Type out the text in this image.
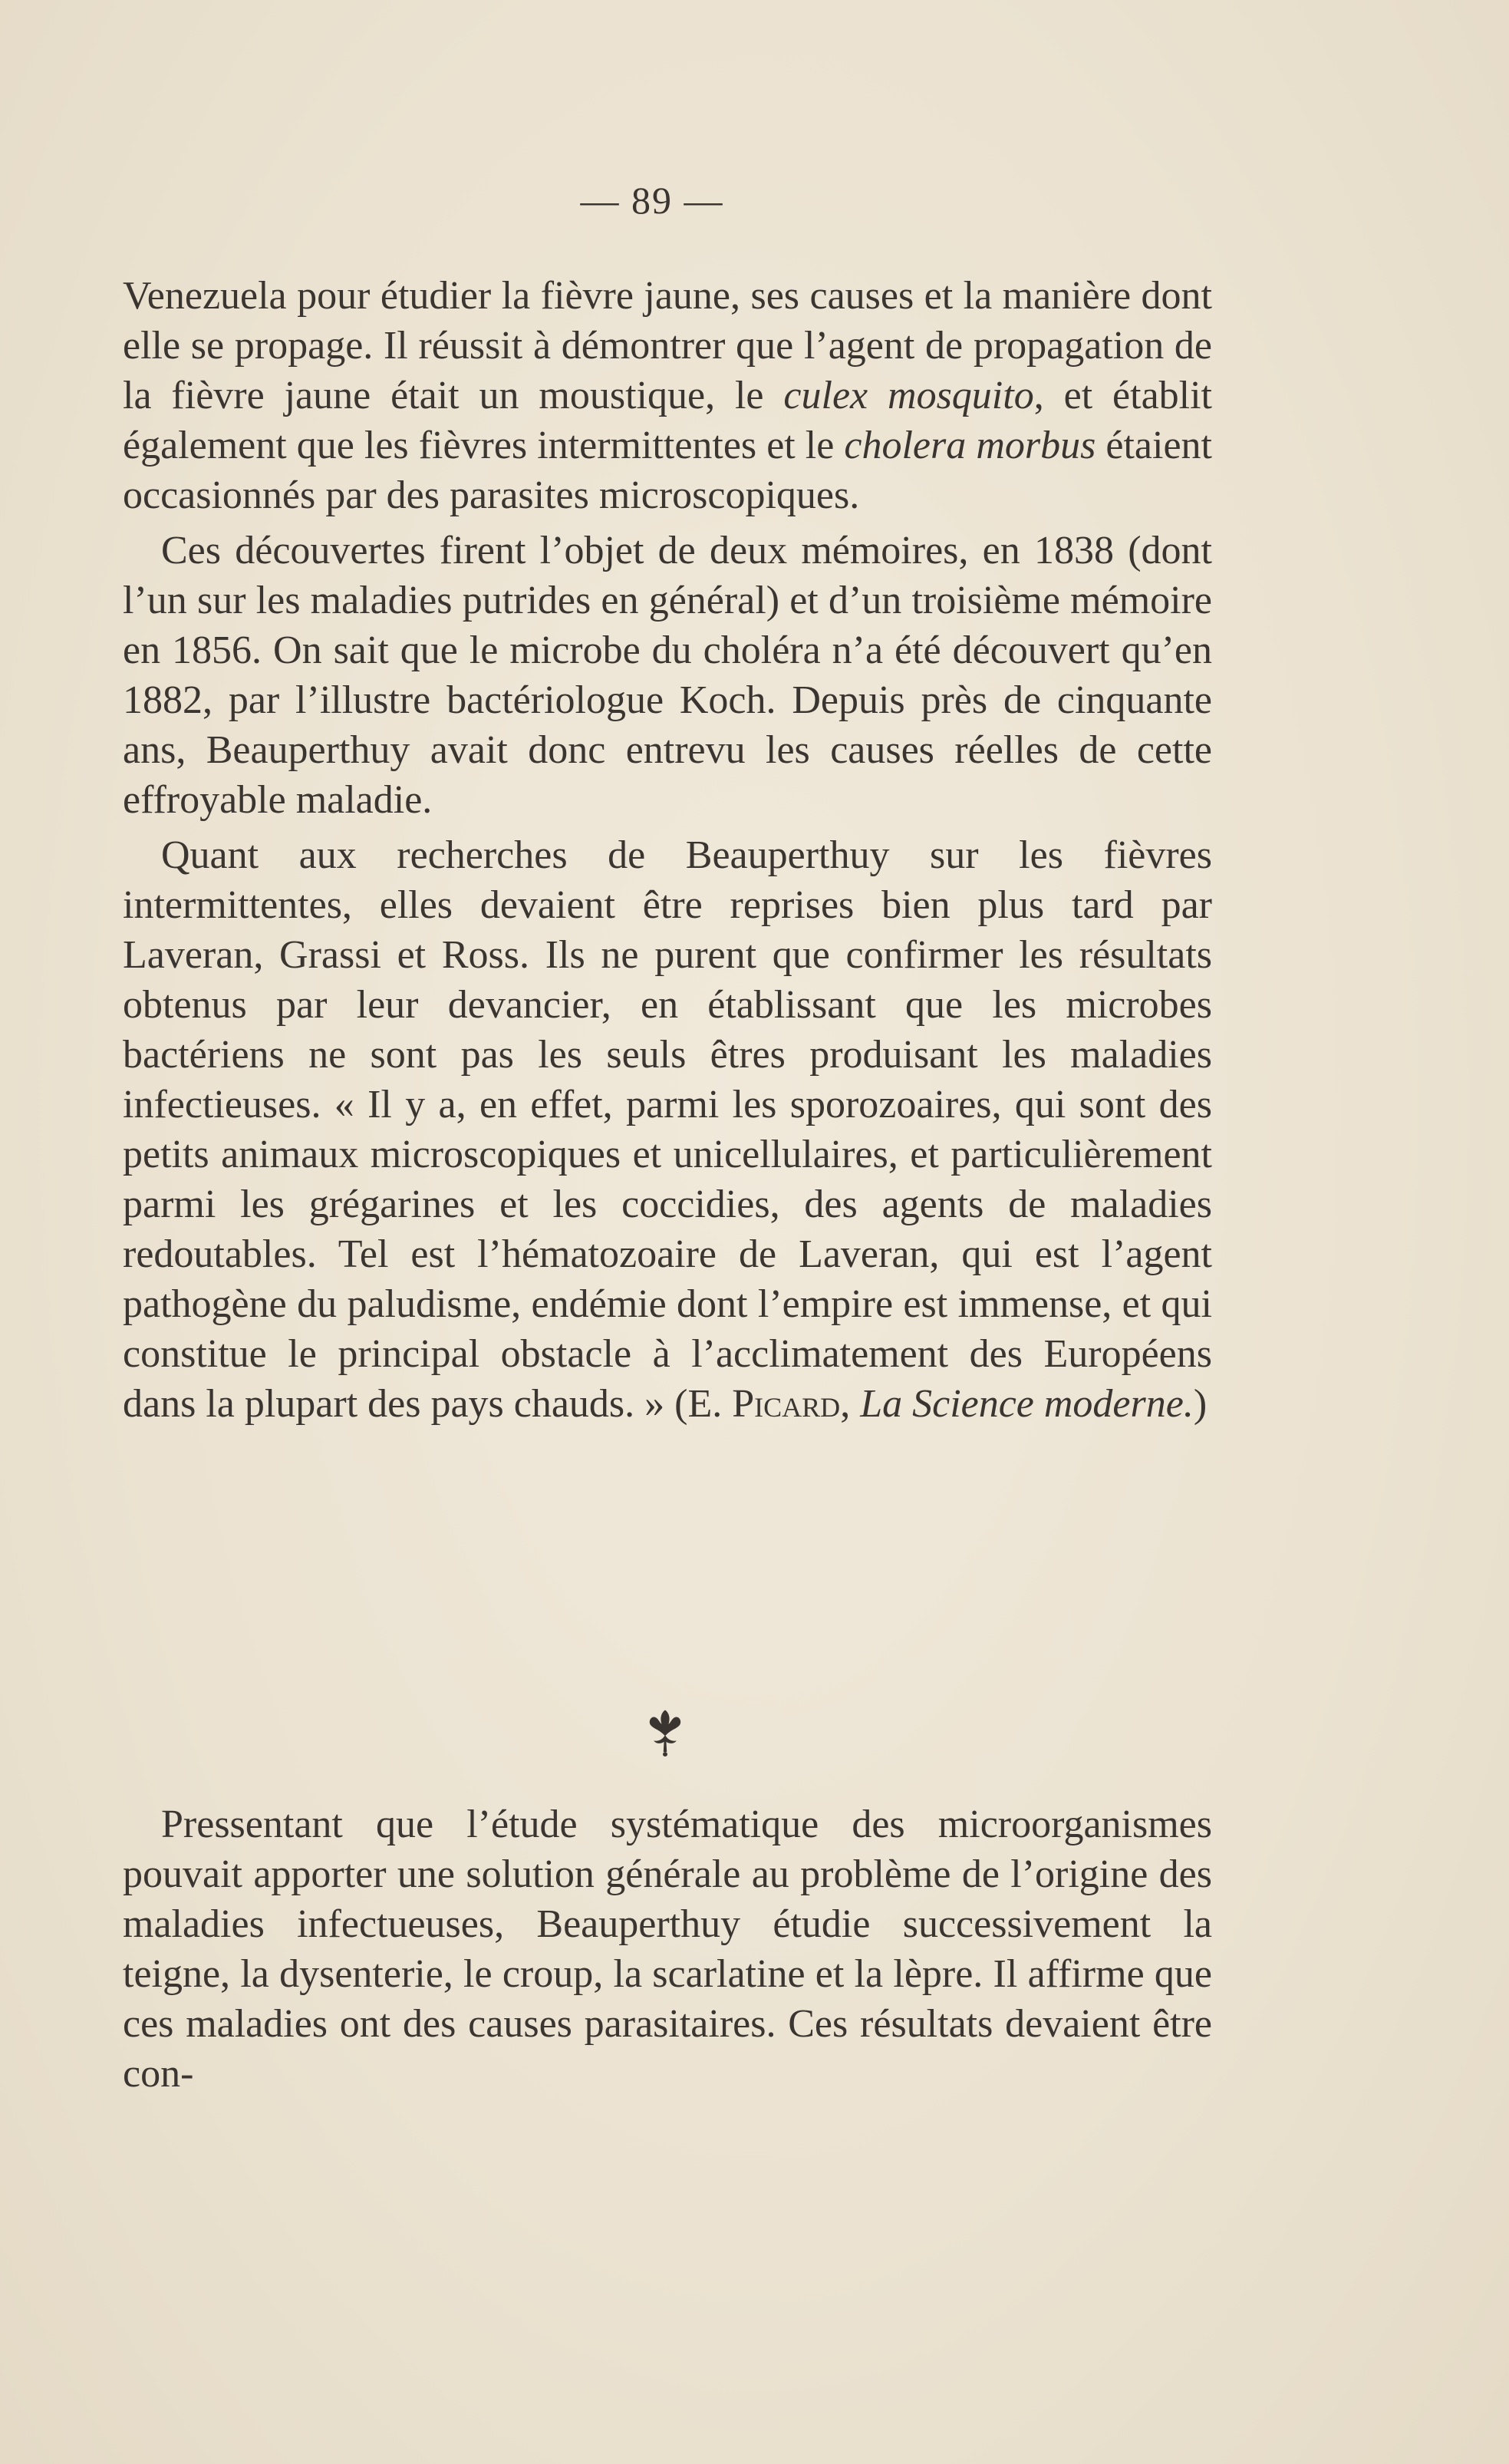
— 89 —

Venezuela pour étudier la fièvre jaune, ses causes et la manière dont elle se propage. Il réussit à démontrer que l’agent de propagation de la fièvre jaune était un moustique, le culex mosquito, et établit également que les fièvres intermittentes et le cholera morbus étaient occasionnés par des parasites microscopiques.

Ces découvertes firent l’objet de deux mémoires, en 1838 (dont l’un sur les maladies putrides en général) et d’un troisième mémoire en 1856. On sait que le microbe du choléra n’a été découvert qu’en 1882, par l’illustre bactériologue Koch. Depuis près de cinquante ans, Beauperthuy avait donc entrevu les causes réelles de cette effroyable maladie.

Quant aux recherches de Beauperthuy sur les fièvres intermittentes, elles devaient être reprises bien plus tard par Laveran, Grassi et Ross. Ils ne purent que confirmer les résultats obtenus par leur devancier, en établissant que les microbes bactériens ne sont pas les seuls êtres produisant les maladies infectieuses. « Il y a, en effet, parmi les sporozoaires, qui sont des petits animaux microscopiques et unicellulaires, et particulièrement parmi les grégarines et les coccidies, des agents de maladies redoutables. Tel est l’hématozoaire de Laveran, qui est l’agent pathogène du paludisme, endémie dont l’empire est immense, et qui constitue le principal obstacle à l’acclimatement des Européens dans la plupart des pays chauds. » (E. Picard, La Science moderne.)

Pressentant que l’étude systématique des microorganismes pouvait apporter une solution générale au problème de l’origine des maladies infectueuses, Beauperthuy étudie successivement la teigne, la dysenterie, le croup, la scarlatine et la lèpre. Il affirme que ces maladies ont des causes parasitaires. Ces résultats devaient être con-
